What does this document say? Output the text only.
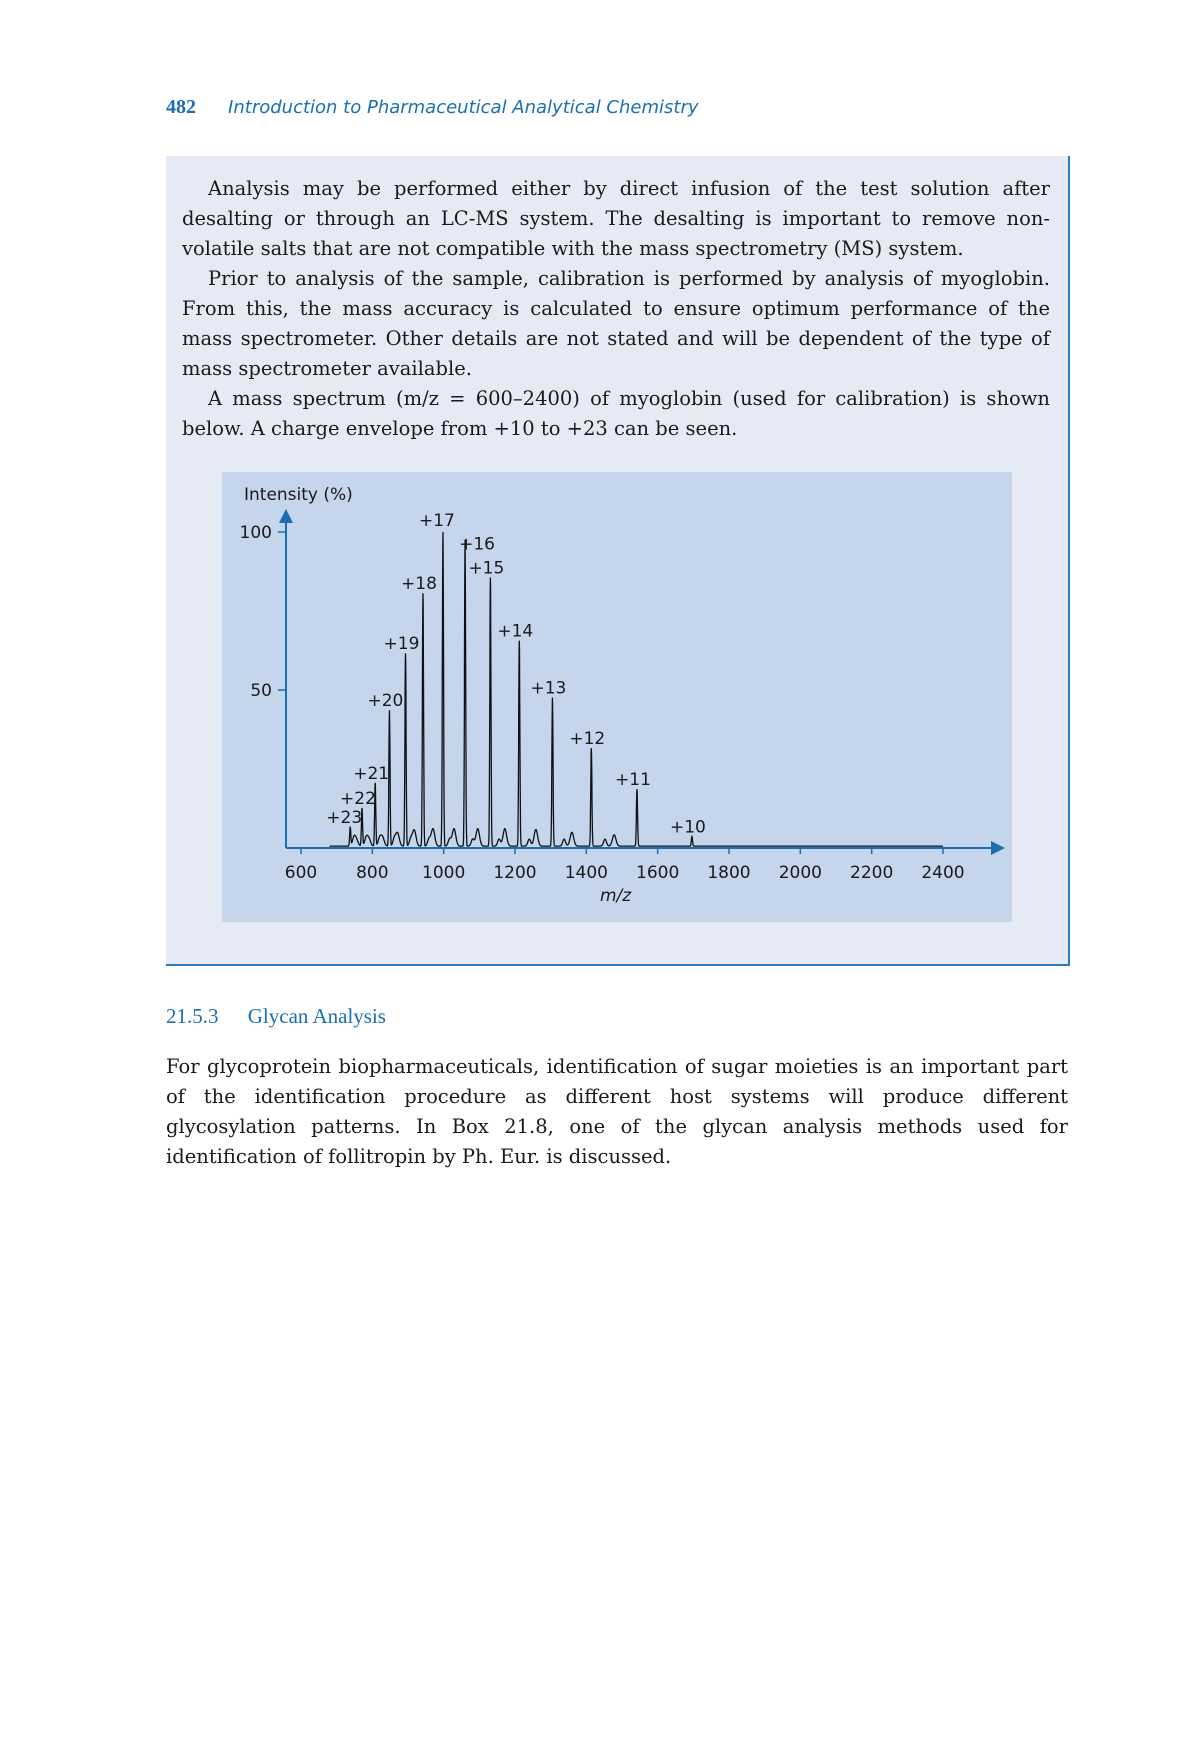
482 Introduction to Pharmaceutical Analytical Chemistry

Analysis may be performed either by direct infusion of the test solution after desalting or through an LC-MS system. The desalting is important to remove non-volatile salts that are not compatible with the mass spectrometry (MS) system.

Prior to analysis of the sample, calibration is performed by analysis of myoglobin. From this, the mass accuracy is calculated to ensure optimum performance of the mass spectrometer. Other details are not stated and will be dependent of the type of mass spectrometer available.

A mass spectrum (m/z = 600–2400) of myoglobin (used for calibration) is shown below. A charge envelope from +10 to +23 can be seen.

Intensity (%)
m/z
600 800 1000 1200 1400 1600 1800 2000 2200 2400
50
100
+23
+22
+21
+20
+19
+18
+17
+16
+15
+14
+13
+12
+11
+10
21.5.3 Glycan Analysis

For glycoprotein biopharmaceuticals, identification of sugar moieties is an important part of the identification procedure as different host systems will produce different glycosylation patterns. In Box 21.8, one of the glycan analysis methods used for identification of follitropin by Ph. Eur. is discussed.
